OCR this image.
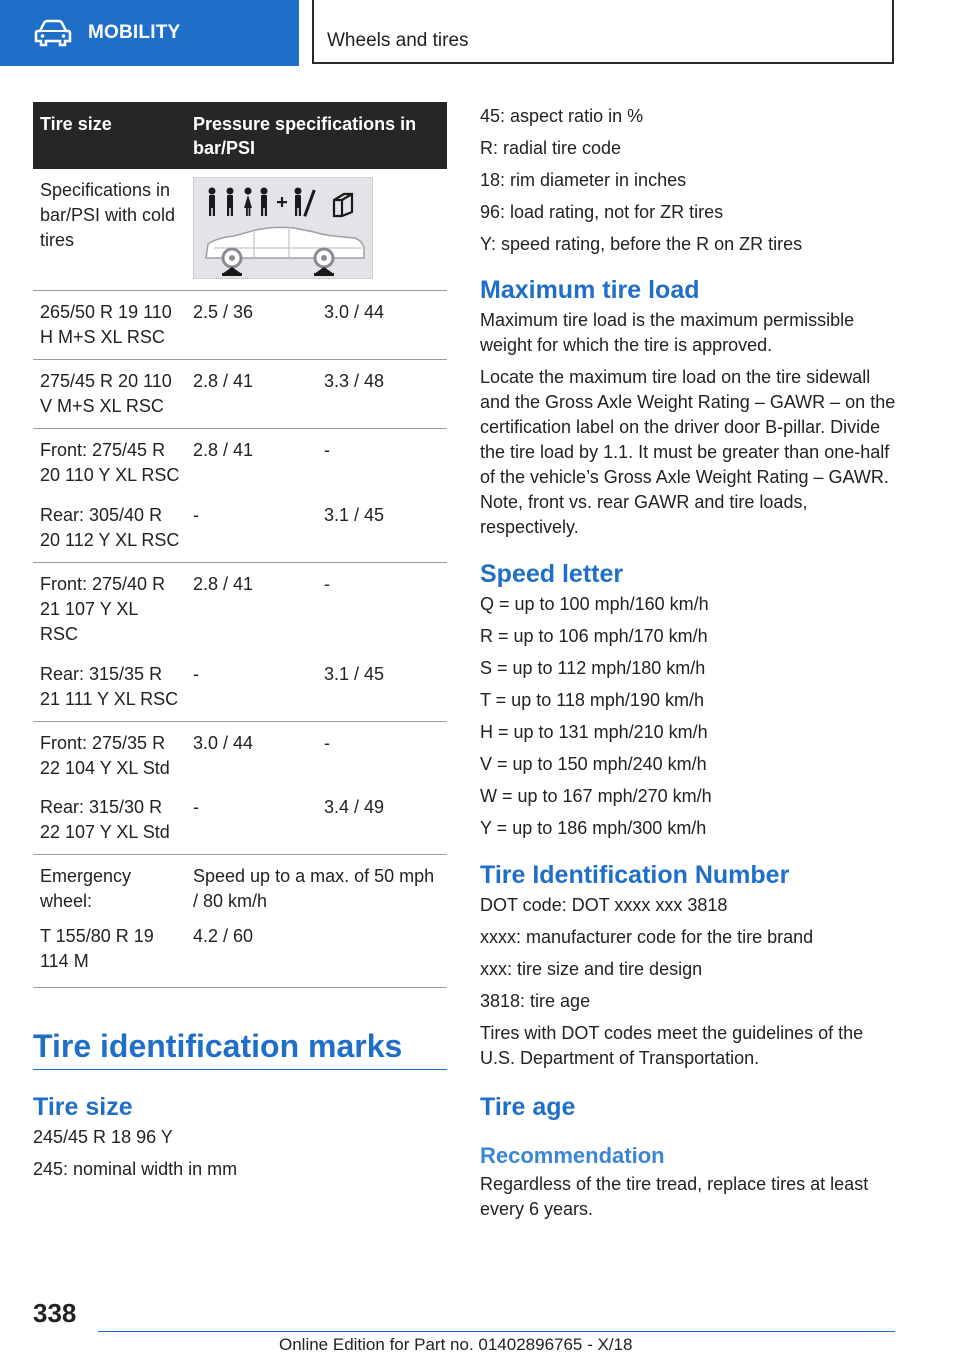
MOBILITY	Wheels and tires
Tire size	Pressure specifications in bar/PSI	
Specifications in bar/PSI with cold tires	

265/50 R 19 110 H M+S XL RSC	2.5 / 36	3.0 / 44
275/45 R 20 110 V M+S XL RSC	2.8 / 41	3.3 / 48
Front: 275/45 R 20 110 Y XL RSC	2.8 / 41	-
Rear: 305/40 R 20 112 Y XL RSC	-	3.1 / 45
Front: 275/40 R 21 107 Y XL RSC	2.8 / 41	-
Rear: 315/35 R 21 111 Y XL RSC	-	3.1 / 45
Front: 275/35 R 22 104 Y XL Std	3.0 / 44	-
Rear: 315/30 R 22 107 Y XL Std	-	3.4 / 49
Emergency wheel:	Speed up to a max. of 50 mph / 80 km/h	
T 155/80 R 19 114 M	4.2 / 60	
Tire identification marks
Tire size

245/45 R 18 96 Y

245: nominal width in mm

45: aspect ratio in %

R: radial tire code

18: rim diameter in inches

96: load rating, not for ZR tires

Y: speed rating, before the R on ZR tires

Maximum tire load

Maximum tire load is the maximum permissible weight for which the tire is approved.

Locate the maximum tire load on the tire sidewall and the Gross Axle Weight Rating – GAWR – on the certification label on the driver door B-pillar. Divide the tire load by 1.1. It must be greater than one-half of the vehicle’s Gross Axle Weight Rating – GAWR. Note, front vs. rear GAWR and tire loads, respectively.

Speed letter

Q = up to 100 mph/160 km/h

R = up to 106 mph/170 km/h

S = up to 112 mph/180 km/h

T = up to 118 mph/190 km/h

H = up to 131 mph/210 km/h

V = up to 150 mph/240 km/h

W = up to 167 mph/270 km/h

Y = up to 186 mph/300 km/h

Tire Identification Number

DOT code: DOT xxxx xxx 3818

xxxx: manufacturer code for the tire brand

xxx: tire size and tire design

3818: tire age

Tires with DOT codes meet the guidelines of the U.S. Department of Transportation.

Tire age
Recommendation

Regardless of the tire tread, replace tires at least every 6 years.

338
Online Edition for Part no. 01402896765 - X/18
